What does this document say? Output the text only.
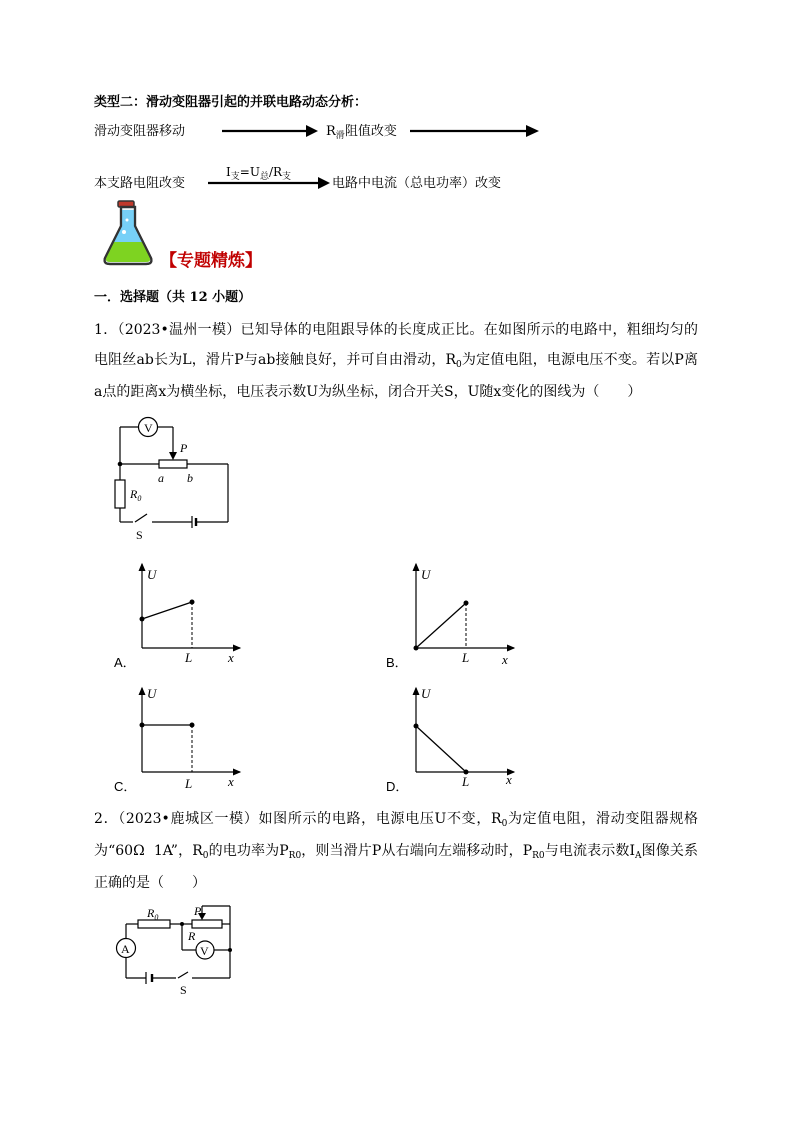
类型二：滑动变阻器引起的并联电路动态分析：
滑动变阻器移动	$R_滑$阻值改变
本支路电阻改变
$I_支=U_总/R_支$	电路中电流（总电功率）改变
【专题精炼】
一．选择题（共 12 小题）
1．（2023•温州一模）已知导体的电阻跟导体的长度成正比。在如图所示的电路中，粗细均匀的电阻丝ab长为L，滑片P与ab接触良好，并可自由滑动，$R_0$为定值电阻，电源电压不变。若以P离a点的距离x为横坐标，电压表示数U为纵坐标，闭合开关S，U随x变化的图线为（　　）
V
P
a b
$R_0$
S
U
x
L
A．
U
x
L
B．
U
x
L
C．
U
x
L
D．
2．（2023•鹿城区一模）如图所示的电路，电源电压U不变，$R_0$为定值电阻，滑动变阻器规格为“60Ω  1A”，$R_0$的电功率为$P_{R0}$，则当滑片P从右端向左端移动时，$P_{R0}$与电流表示数$I_A$图像关系正确的是（　　）
A	V
$R_0$	P
R
S
